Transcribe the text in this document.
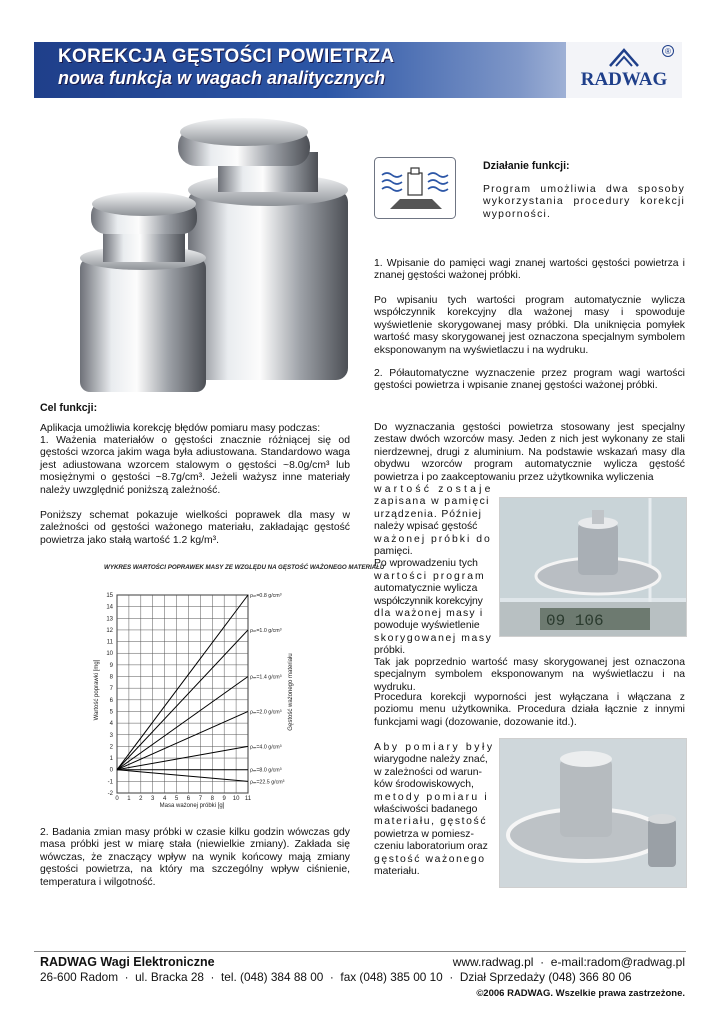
KOREKCJA GĘSTOŚCI POWIETRZA
nowa funkcja w wagach analitycznych	RADWAG
®
Działanie funkcji:
Program umożliwia dwa sposoby wykorzystania procedury korekcji wyporności.
1. Wpisanie do pamięci wagi znanej wartości gęstości powietrza i znanej gęstości ważonej próbki.
Po wpisaniu tych wartości program automatycznie wylicza współczynnik korekcyjny dla ważonej masy i spowoduje wyświetlenie skorygowanej masy próbki. Dla uniknięcia pomyłek wartość masy skorygowanej jest oznaczona specjalnym symbolem eksponowanym na wyświetlaczu i na wydruku.
2. Półautomatyczne wyznaczenie przez program wagi wartości gęstości powietrza i wpisanie znanej gęstości ważonej próbki.
Do wyznaczania gęstości powietrza stosowany jest specjalny zestaw dwóch wzorców masy. Jeden z nich jest wykonany ze stali nierdzewnej, drugi z aluminium. Na podstawie wskazań masy dla obydwu wzorców program automatycznie wylicza gęstość powietrza i po zaakceptowaniu przez użytkownika wyliczenia
wartość zostaje
zapisana w pamięci
urządzenia. Później
należy wpisać gęstość
ważonej próbki do
pamięci.
Po wprowadzeniu tych
wartości program
automatycznie wylicza
współczynnik korekcyjny
dla ważonej masy i
powoduje wyświetlenie
skorygowanej masy
próbki.
09 106
Tak jak poprzednio wartość masy skorygowanej jest oznaczona specjalnym symbolem eksponowanym na wyświetlaczu i na wydruku.
Procedura korekcji wyporności jest wyłączana i włączana z poziomu menu użytkownika. Procedura działa łącznie z innymi funkcjami wagi (dozowanie, dozowanie itd.).
Aby pomiary były
wiarygodne należy znać,
w zależności od warun-
ków środowiskowych,
metody pomiaru i
właściwości badanego
materiału, gęstość
powietrza w pomiesz-
czeniu laboratorium oraz
gęstość ważonego
materiału.
Cel funkcji:
Aplikacja umożliwia korekcję błędów pomiaru masy podczas:
1. Ważenia materiałów o gęstości znacznie różniącej się od gęstości wzorca jakim waga była adiustowana. Standardowo waga jest adiustowana wzorcem stalowym o gęstości ~8.0g/cm³ lub mosiężnymi o gęstości ~8.7g/cm³. Jeżeli ważysz inne materiały należy uwzględnić poniższą zależność.
Poniższy schemat pokazuje wielkości poprawek dla masy w zależności od gęstości ważonego materiału, zakładając gęstość powietrza jako stałą wartość 1.2 kg/m³.
WYKRES WARTOŚCI POPRAWEK MASY ZE WZGLĘDU NA GĘSTOŚĆ WAŻONEGO MATERIAŁU
Masa ważonej próbki [g]
Wartość poprawki [mg]	Gęstość ważonego materiału
0 1 2 3 4 5 6 7 8 9 10 11
-2
-1
0
1
2
3
4
5
6
7
8
9
10
11
12
13
14
15	ρₘ=0.8 g/cm³
ρₘ=1.0 g/cm³
ρₘ=1.4 g/cm³
ρₘ=2.0 g/cm³
ρₘ=4.0 g/cm³
ρₘ=8.0 g/cm³
ρₘ=22.5 g/cm³
2. Badania zmian masy próbki w czasie kilku godzin wówczas gdy masa próbki jest w miarę stała (niewielkie zmiany). Zakłada się wówczas, że znaczący wpływ na wynik końcowy mają zmiany gęstości powietrza, na który ma szczególny wpływ ciśnienie, temperatura i wilgotność.
RADWAG Wagi Elektroniczne	www.radwag.pl · e-mail:radom@radwag.pl
26-600 Radom · ul. Bracka 28 · tel. (048) 384 88 00 · fax (048) 385 00 10 · Dział Sprzedaży (048) 366 80 06
©2006 RADWAG. Wszelkie prawa zastrzeżone.
